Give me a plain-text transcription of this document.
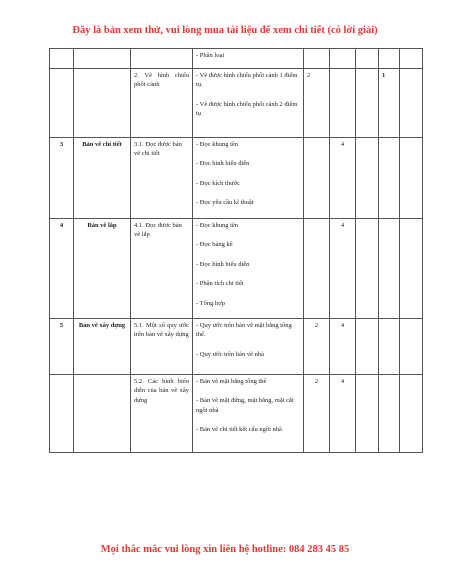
Đây là bản xem thử, vui lòng mua tài liệu để xem chi tiết (có lời giải)

			- Phân loại					

		2. Vẽ hình chiếu phối cảnh	- Vẽ được hình chiếu phối cảnh 1 điểm tụ.
- Vẽ được hình chiếu phối cảnh 2 điểm tụ	2			1	
3	Bản vẽ chi tiết	3.1. Đọc được bản vẽ chi tiết	- Đọc khung tên
- Đọc hình biểu diễn
- Đọc kích thước
- Đọc yêu cầu kĩ thuật		4			
4	Bản vẽ lắp	4.1. Đọc được bản vẽ lắp	- Đọc khung tên
- Đọc bảng kê
- Đọc hình biểu diễn
- Phân tích chi tiết
- Tổng hợp		4			
5	Bản vẽ xây dựng	5.1. Một số quy ước trên bản vẽ xây dựng	- Quy ước trên bản vẽ mặt bằng tổng thể.
- Quy ước trên bản vẽ nhà	2	4			
		5.2. Các hình biểu diễn của bản vẽ xây dựng	- Bản vẽ mặt bằng tổng thể
- Bản vẽ mặt đứng, mặt bằng, mặt cắt ngôi nhà
- Bản vẽ chi tiết kết cấu ngôi nhà	2	4			
Mọi thắc mắc vui lòng xin liên hệ hotline: 084 283 45 85
